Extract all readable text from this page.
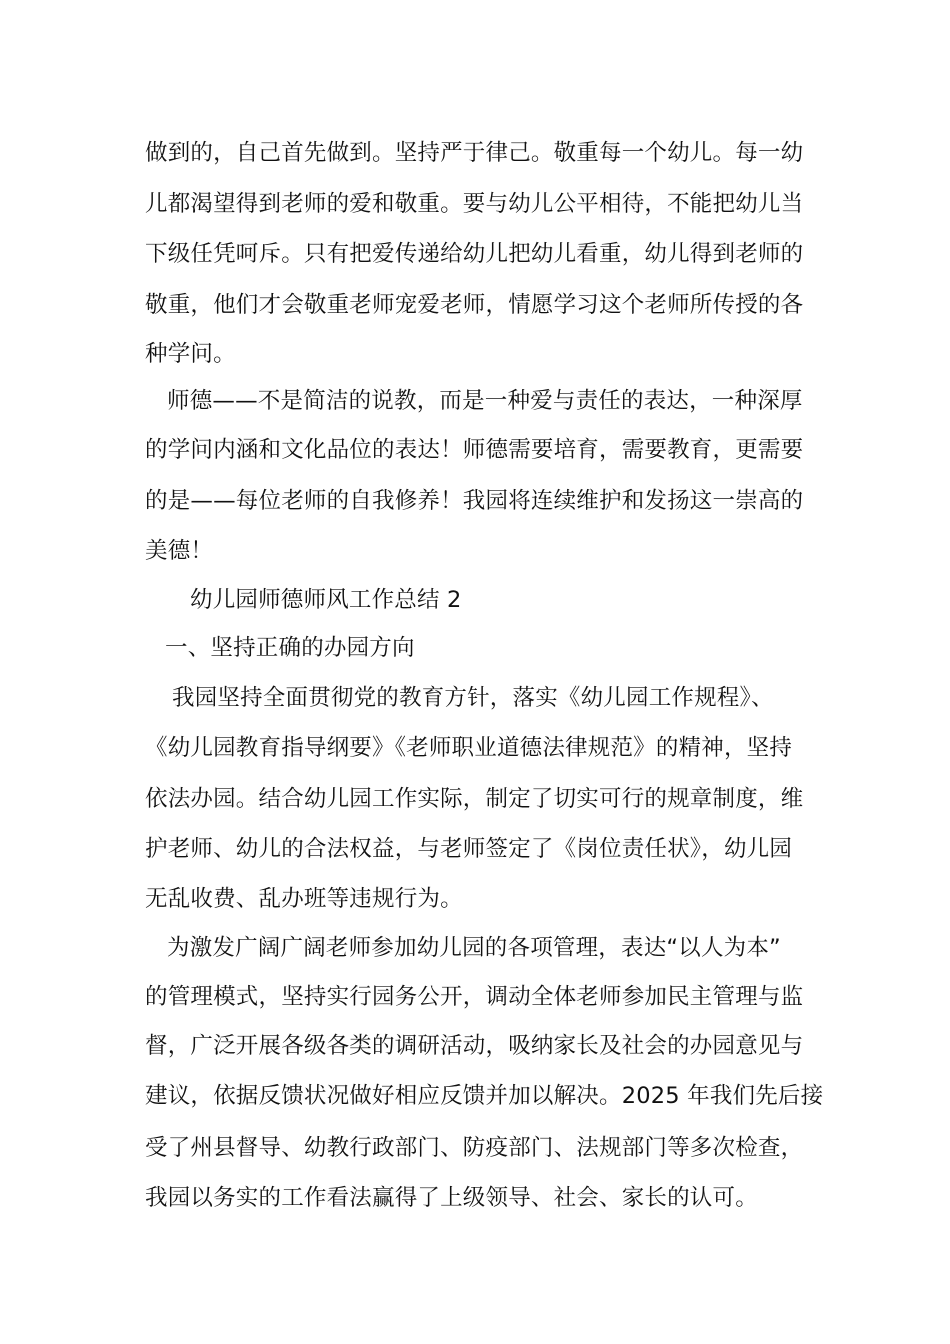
做到的，自己首先做到。坚持严于律己。敬重每一个幼儿。每一幼
儿都渴望得到老师的爱和敬重。要与幼儿公平相待，不能把幼儿当
下级任凭呵斥。只有把爱传递给幼儿把幼儿看重，幼儿得到老师的
敬重，他们才会敬重老师宠爱老师，情愿学习这个老师所传授的各
种学问。
师德——不是简洁的说教，而是一种爱与责任的表达，一种深厚
的学问内涵和文化品位的表达！师德需要培育，需要教育，更需要
的是——每位老师的自我修养！我园将连续维护和发扬这一崇高的
美德！
幼儿园师德师风工作总结 2
一、坚持正确的办园方向
我园坚持全面贯彻党的教育方针，落实《幼儿园工作规程》、
《幼儿园教育指导纲要》《老师职业道德法律规范》的精神，坚持
依法办园。结合幼儿园工作实际，制定了切实可行的规章制度，维
护老师、幼儿的合法权益，与老师签定了《岗位责任状》，幼儿园
无乱收费、乱办班等违规行为。
为激发广阔广阔老师参加幼儿园的各项管理，表达“以人为本”
的管理模式，坚持实行园务公开，调动全体老师参加民主管理与监
督，广泛开展各级各类的调研活动，吸纳家长及社会的办园意见与
建议，依据反馈状况做好相应反馈并加以解决。2025 年我们先后接
受了州县督导、幼教行政部门、防疫部门、法规部门等多次检查，
我园以务实的工作看法赢得了上级领导、社会、家长的认可。
